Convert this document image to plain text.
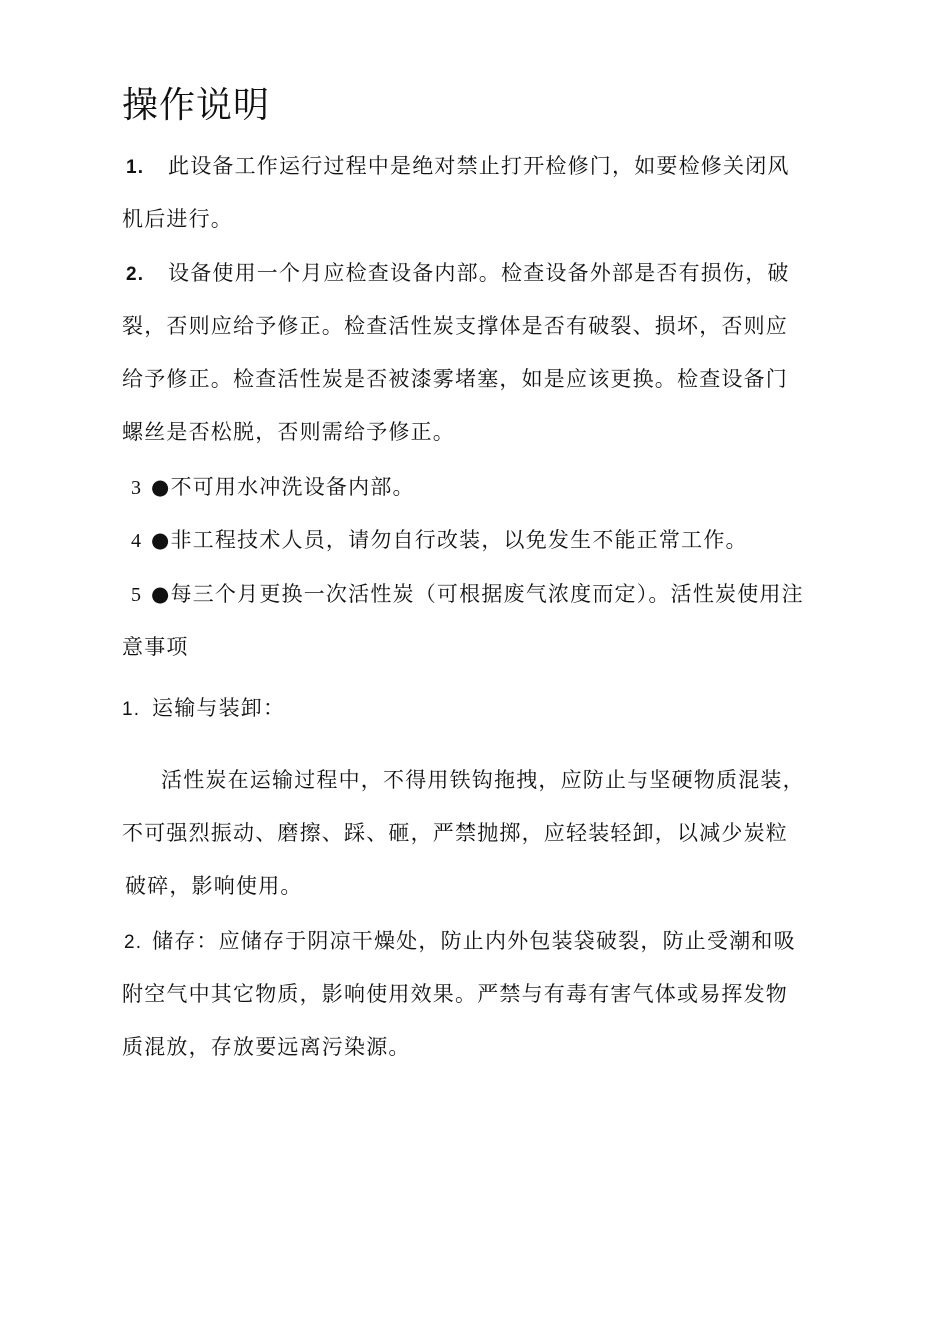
操作说明
1. 此设备工作运行过程中是绝对禁止打开检修门，如要检修关闭风
机后进行。
2. 设备使用一个月应检查设备内部。检查设备外部是否有损伤，破
裂，否则应给予修正。检查活性炭支撑体是否有破裂、损坏，否则应
给予修正。检查活性炭是否被漆雾堵塞，如是应该更换。检查设备门
螺丝是否松脱，否则需给予修正。
3 ●不可用水冲洗设备内部。
4 ●非工程技术人员，请勿自行改装，以免发生不能正常工作。
5 ●每三个月更换一次活性炭（可根据废气浓度而定）。活性炭使用注
意事项
1. 运输与装卸：
活性炭在运输过程中，不得用铁钩拖拽，应防止与坚硬物质混装，
不可强烈振动、磨擦、踩、砸，严禁抛掷，应轻装轻卸，以减少炭粒
破碎，影响使用。
2. 储存：应储存于阴凉干燥处，防止内外包装袋破裂，防止受潮和吸
附空气中其它物质，影响使用效果。严禁与有毒有害气体或易挥发物
质混放，存放要远离污染源。
